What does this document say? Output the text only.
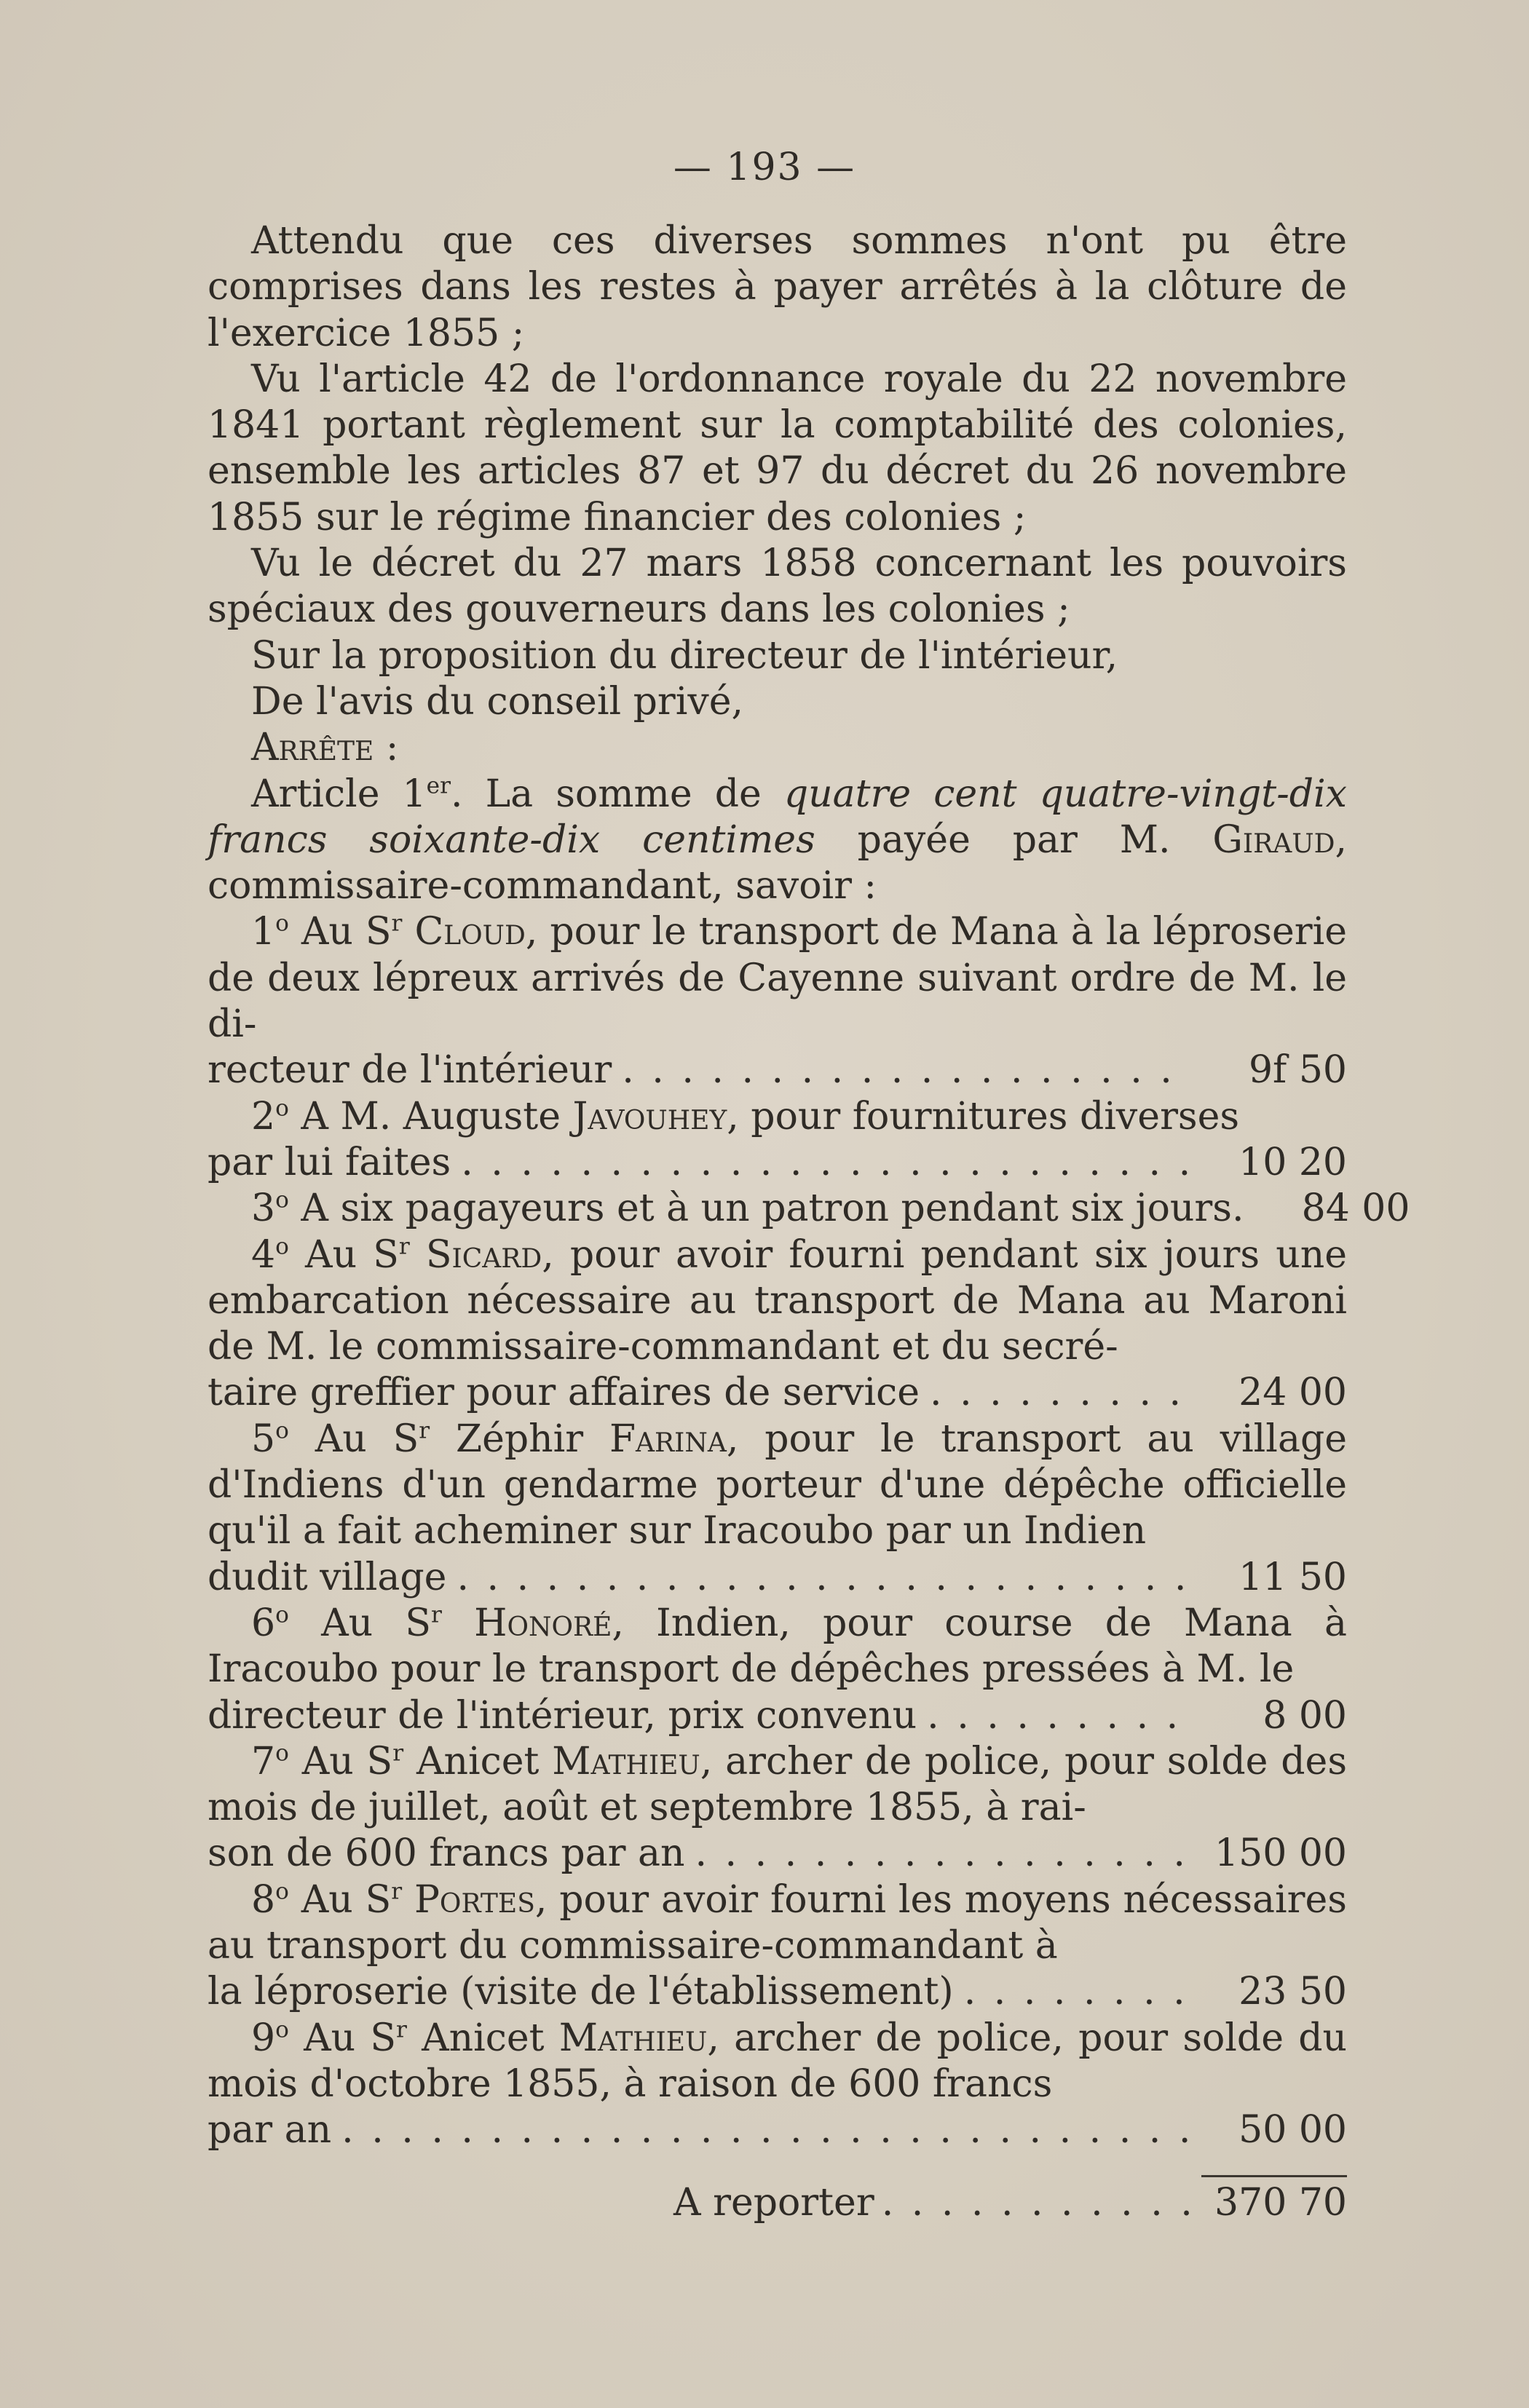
— 193 —

Attendu que ces diverses sommes n'ont pu être comprises dans les restes à payer arrêtés à la clôture de l'exercice 1855 ;

Vu l'article 42 de l'ordonnance royale du 22 novembre 1841 portant règlement sur la comptabilité des colonies, ensemble les articles 87 et 97 du décret du 26 novembre 1855 sur le régime financier des colonies ;

Vu le décret du 27 mars 1858 concernant les pouvoirs spéciaux des gouverneurs dans les colonies ;

Sur la proposition du directeur de l'intérieur,

De l'avis du conseil privé,

Arrête :

Article 1er. La somme de quatre cent quatre-vingt-dix francs soixante-dix centimes payée par M. Giraud, commissaire-commandant, savoir :

1$^o$ Au $S^r$ Cloud, pour le transport de Mana à la léproserie de deux lépreux arrivés de Cayenne suivant ordre de M. le di-
recteur de l'intérieur . . .	9f 50
2$^o$ A M. Auguste Javouhey, pour fournitures diverses
par lui faites . . .	10 20
3$^o$ A six pagayeurs et à un patron pendant six jours.	84 00
4$^o$ Au $S^r$ Sicard, pour avoir fourni pendant six jours une embarcation nécessaire au transport de Mana au Maroni de M. le commissaire-commandant et du secré-
taire greffier pour affaires de service . . .	24 00
5$^o$ Au $S^r$ Zéphir Farina, pour le transport au village d'Indiens d'un gendarme porteur d'une dépêche officielle qu'il a fait acheminer sur Iracoubo par un Indien
dudit village . . .	11 50
6$^o$ Au $S^r$ Honoré, Indien, pour course de Mana à Iracoubo pour le transport de dépêches pressées à M. le
directeur de l'intérieur, prix convenu . . .	8 00
7$^o$ Au $S^r$ Anicet Mathieu, archer de police, pour solde des mois de juillet, août et septembre 1855, à rai-
son de 600 francs par an . . .	150 00
8$^o$ Au $S^r$ Portes, pour avoir fourni les moyens nécessaires au transport du commissaire-commandant à
la léproserie (visite de l'établissement) . . .	23 50
9$^o$ Au $S^r$ Anicet Mathieu, archer de police, pour solde du mois d'octobre 1855, à raison de 600 francs
par an . . .	50 00
A reporter . . .	370 70
